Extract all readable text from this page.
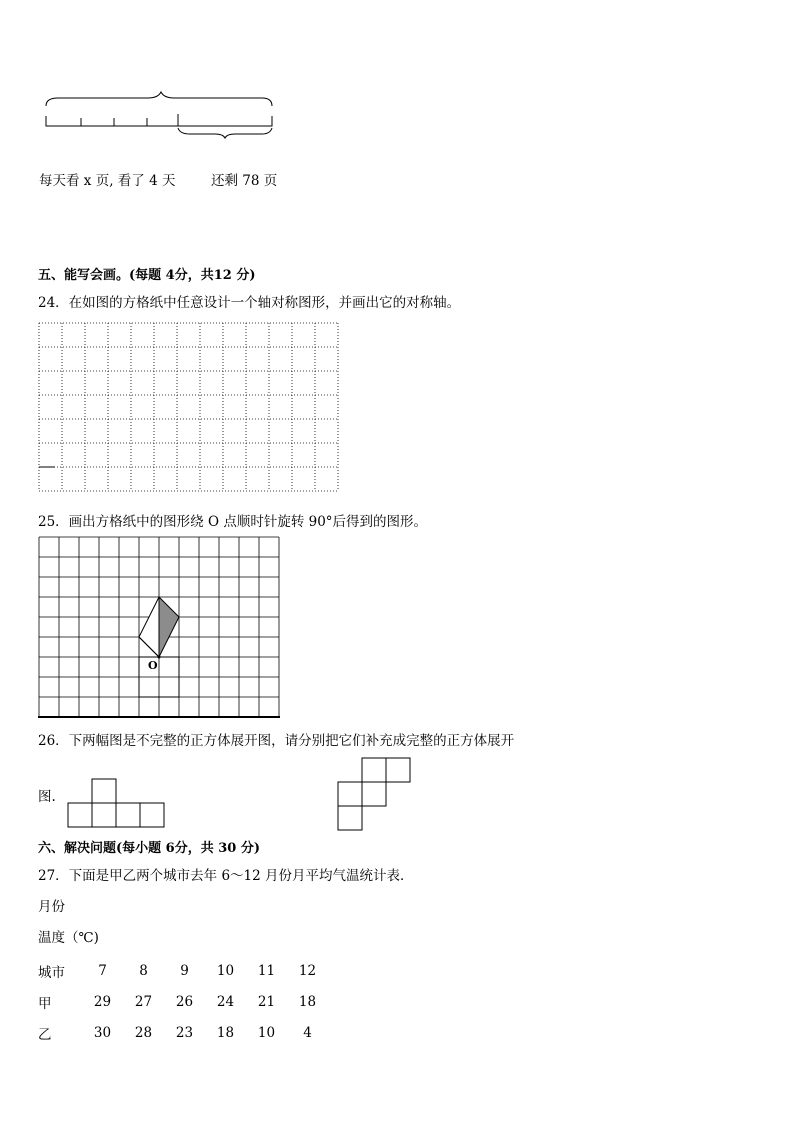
每天看 x 页, 看了 4 天	还剩 78 页
五、能写会画。(每题 4分，共12 分)
24．在如图的方格纸中任意设计一个轴对称图形，并画出它的对称轴。
25．画出方格纸中的图形绕 O 点顺时针旋转 90°后得到的图形。
O
26．下两幅图是不完整的正方体展开图，请分别把它们补充成完整的正方体展开
图.
六、解决问题(每小题 6分，共 30 分)
27．下面是甲乙两个城市去年 6～12 月份月平均气温统计表．
月份
温度（℃)
城市	7	8	9	10	11	12
甲	29	27	26	24	21	18
乙	30	28	23	18	10	4
